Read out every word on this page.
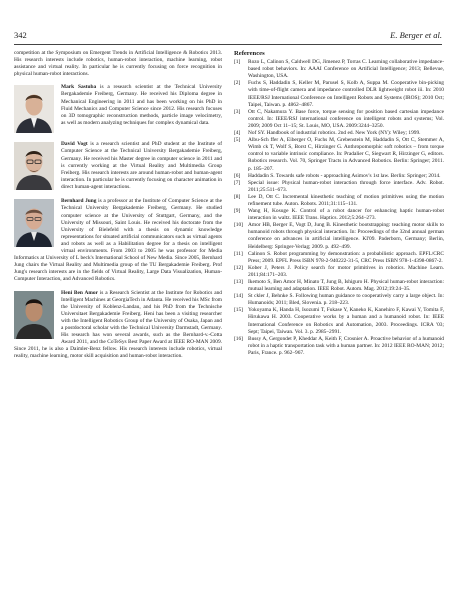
342	E. Berger et al.

competition at the Symposium on Emergent Trends in Artificial Intelligence & Robotics 2013. His research interests include robotics, human-robot interaction, machine learning, robot assistance and virtual reality. In particular he is currently focusing on force recognition in physical human-robot interactions.

Mark Sastuba is a research scientist at the Technical University Bergakademie Freiberg, Germany. He received his Diploma degree in Mechanical Engineering in 2011 and has been working on his PhD in Fluid Mechanics and Computer Science since 2012. His research focuses on 3D tomographic reconstruction methods, particle image velocimetry, as well as modern analyzing techniques for complex dynamical data.

David Vogt is a research scientist and PhD student at the Institute of Computer Science at the Technical University Bergakademie Freiberg, Germany. He received his Master degree in computer science in 2011 and is currently working at the Virtual Reality and Multimedia Group Freiberg. His research interests are around human-robot and human-agent interaction. In particular he is currently focusing on character animation in direct human-agent interactions.

Bernhard Jung is a professor at the Institute of Computer Science at the Technical University Bergakademie Freiberg, Germany. He studied computer science at the University of Stuttgart, Germany, and the University of Missouri, Saint Louis. He received his doctorate from the University of Bielefeld with a thesis on dynamic knowledge representations for situated artificial communicators such as virtual agents and robots as well as a Habilitation degree for a thesis on intelligent virtual environments. From 2003 to 2005 he was professor for Media Informatics at University of L beck's International School of New Media. Since 2005, Bernhard Jung chairs the Virtual Reality and Multimedia group of the TU Bergakademie Freiberg. Prof Jung's research interests are in the fields of Virtual Reality, Large Data Visualization, Human-Computer Interaction, and Advanced Robotics.

Heni Ben Amor is a Research Scientist at the Institute for Robotics and Intelligent Machines at GeorgiaTech in Atlanta. He received his MSc from the University of Koblenz-Landau, and his PhD from the Technische Universitaet Bergakademie Freiberg. Heni has been a visiting researcher with the Intelligent Robotics Group of the University of Osaka, Japan and a postdoctoral scholar with the Technical University Darmstadt, Germany. His research has won several awards, such as the Bernhard-v.-Cotta Award 2011, and the CoTeSys Best Paper Award at IEEE RO-MAN 2009. Since 2011, he is also a Daimler-Benz fellow. His research interests include robotics, virtual reality, machine learning, motor skill acquisition and human-robot interaction.

References
[1] Rozo L, Calinon S, Caldwell DG, Jimenez P, Torras C. Learning collaborative impedance-based robot behaviors. In: AAAI Conference on Artificial Intelligence; 2013; Bellevue, Washington, USA.
[2] Fuchs S, Haddadin S, Keller M, Parusel S, Kolb A, Suppa M. Cooperative bin-picking with time-of-flight camera and impedance controlled DLR lightweight robot iii. In: 2010 IEEE/RSJ International Conference on Intelligent Robots and Systems (IROS); 2010 Oct; Taipei, Taiwan. p. 4862–4867.
[3] Ott C, Nakamura Y. Base force, torque sensing for position based cartesian impedance control. In: IEEE/RSJ international conference on intelligent robots and systems; Vol. 2009; 2009 Oct 11–15; St. Louis, MO, USA. 2009:3244–3250.
[4] Nof SY. Handbook of industrial robotics. 2nd ed. New York (NY): Wiley; 1999.
[5] Albu-Sch ffer A, Eiberger O, Fuchs M, Grebenstein M, Haddadin S, Ott C, Stemmer A, Wimb ck T, Wolf S, Borst C, Hirzinger G. Anthropomorphic soft robotics – from torque control to variable intrinsic compliance. In: Pradalier C, Siegwart R, Hirzinger G, editors. Robotics research. Vol. 70, Springer Tracts in Advanced Robotics. Berlin: Springer; 2011. p. 185–207.
[6] Haddadin S. Towards safe robots - approaching Asimov's 1st law. Berlin: Springer; 2014.
[7] Special issue: Physical human-robot interaction through force interface. Adv. Robot. 2011;25:511–673.
[8] Lee D, Ott C. Incremental kinesthetic teaching of motion primitives using the motion refinement tube. Auton. Robots. 2011;31:115–131.
[9] Wang H, Kosuge K. Control of a robot dancer for enhancing haptic human-robot interaction in waltz. IEEE Trans. Haptics. 2012;5:264–273.
[10] Amor HB, Berger E, Vogt D, Jung B. Kinesthetic bootstrapping: teaching motor skills to humanoid robots through physical interaction. In: Proceedings of the 32nd annual german conference on advances in artificial intelligence. KI'09. Paderborn, Germany; Berlin, Heidelberg: Springer-Verlag; 2009. p. 492–499.
[11] Calinon S. Robot programming by demonstration: a probabilistic approach. EPFL/CRC Press; 2009. EPFL Press ISBN 978-2-940222-31-5, CRC Press ISBN 978-1-4398-0867-2.
[12] Kober J, Peters J. Policy search for motor primitives in robotics. Machine Learn. 2011;84:171–203.
[13] Ikemoto S, Ben Amor H, Minato T, Jung B, Ishiguro H. Physical human-robot interaction: mutual learning and adaptation. IEEE Robot. Autom. Mag. 2012;19:24–35.
[14] St ckler J, Behnke S. Following human guidance to cooperatively carry a large object. In: Humanoids; 2011; Bled, Slovenia. p. 218–223.
[15] Yokoyama K, Handa H, Isozumi T, Fukase Y, Kaneko K, Kanehiro F, Kawai Y, Tomita F, Hirukawa H. 2003. Cooperative works by a human and a humanoid robot. In: IEEE International Conference on Robotics and Automation, 2003. Proceedings. ICRA '03; Sept; Taipei, Taiwan. Vol. 3. p. 2985–2991.
[16] Bussy A, Gergondet P, Kheddar A, Keith F, Crosnier A. Proactive behavior of a humanoid robot in a haptic transportation task with a human partner. In: 2012 IEEE RO-MAN; 2012; Paris, France. p. 962–967.
